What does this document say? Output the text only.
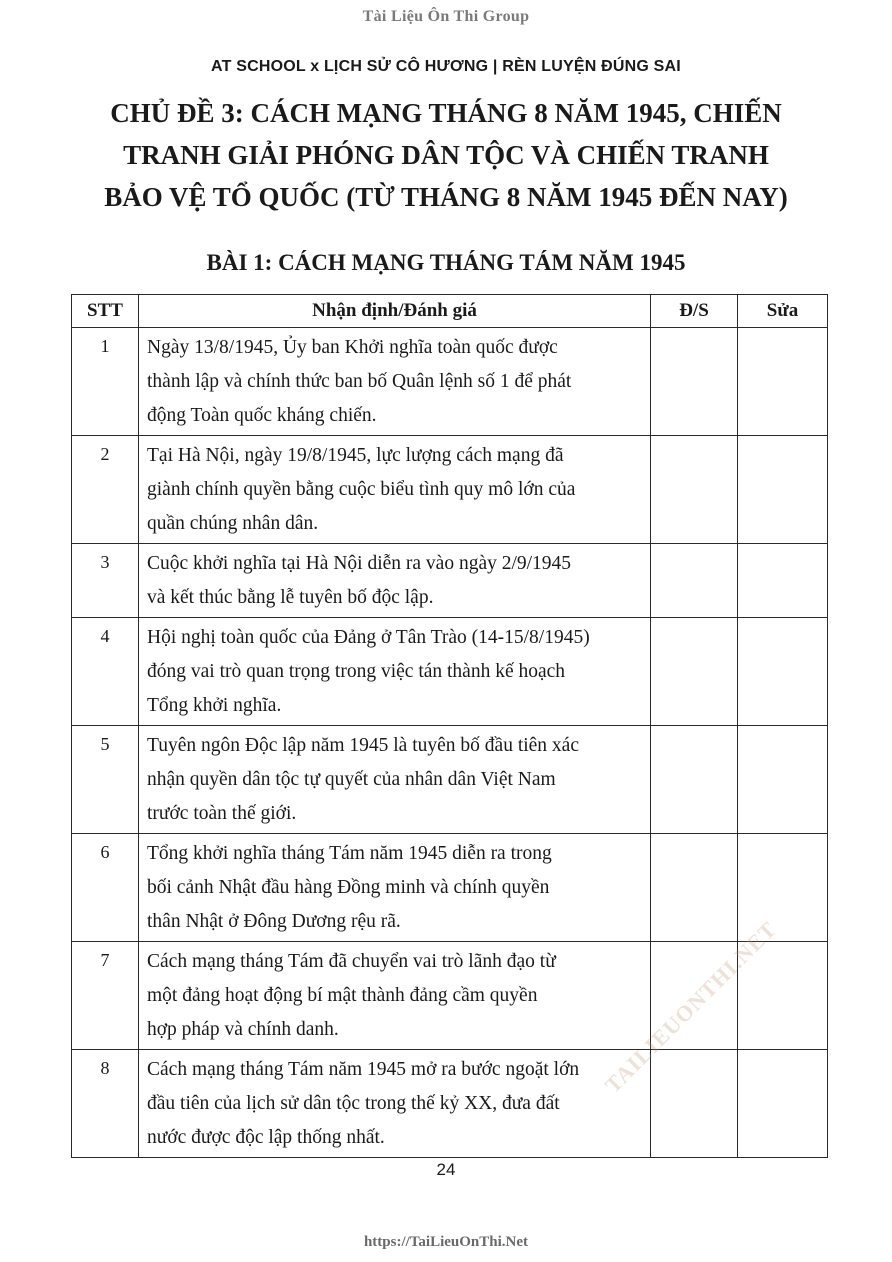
Tài Liệu Ôn Thi Group
AT SCHOOL x LỊCH SỬ CÔ HƯƠNG | RÈN LUYỆN ĐÚNG SAI
CHỦ ĐỀ 3: CÁCH MẠNG THÁNG 8 NĂM 1945, CHIẾN
TRANH GIẢI PHÓNG DÂN TỘC VÀ CHIẾN TRANH
BẢO VỆ TỔ QUỐC (TỪ THÁNG 8 NĂM 1945 ĐẾN NAY)
BÀI 1: CÁCH MẠNG THÁNG TÁM NĂM 1945
STT	Nhận định/Đánh giá	Đ/S	Sửa
1	Ngày 13/8/1945, Ủy ban Khởi nghĩa toàn quốc được
thành lập và chính thức ban bố Quân lệnh số 1 để phát
động Toàn quốc kháng chiến.		

2	Tại Hà Nội, ngày 19/8/1945, lực lượng cách mạng đã
giành chính quyền bằng cuộc biểu tình quy mô lớn của
quần chúng nhân dân.		

3	Cuộc khởi nghĩa tại Hà Nội diễn ra vào ngày 2/9/1945
và kết thúc bằng lễ tuyên bố độc lập.		

4	Hội nghị toàn quốc của Đảng ở Tân Trào (14-15/8/1945)
đóng vai trò quan trọng trong việc tán thành kế hoạch
Tổng khởi nghĩa.		

5	Tuyên ngôn Độc lập năm 1945 là tuyên bố đầu tiên xác
nhận quyền dân tộc tự quyết của nhân dân Việt Nam
trước toàn thế giới.		

6	Tổng khởi nghĩa tháng Tám năm 1945 diễn ra trong
bối cảnh Nhật đầu hàng Đồng minh và chính quyền
thân Nhật ở Đông Dương rệu rã.		

7	Cách mạng tháng Tám đã chuyển vai trò lãnh đạo từ
một đảng hoạt động bí mật thành đảng cầm quyền
hợp pháp và chính danh.		

8	Cách mạng tháng Tám năm 1945 mở ra bước ngoặt lớn
đầu tiên của lịch sử dân tộc trong thế kỷ XX, đưa đất
nước được độc lập thống nhất.		

24
https://TaiLieuOnThi.Net
TAILIEUONTHI.NET
